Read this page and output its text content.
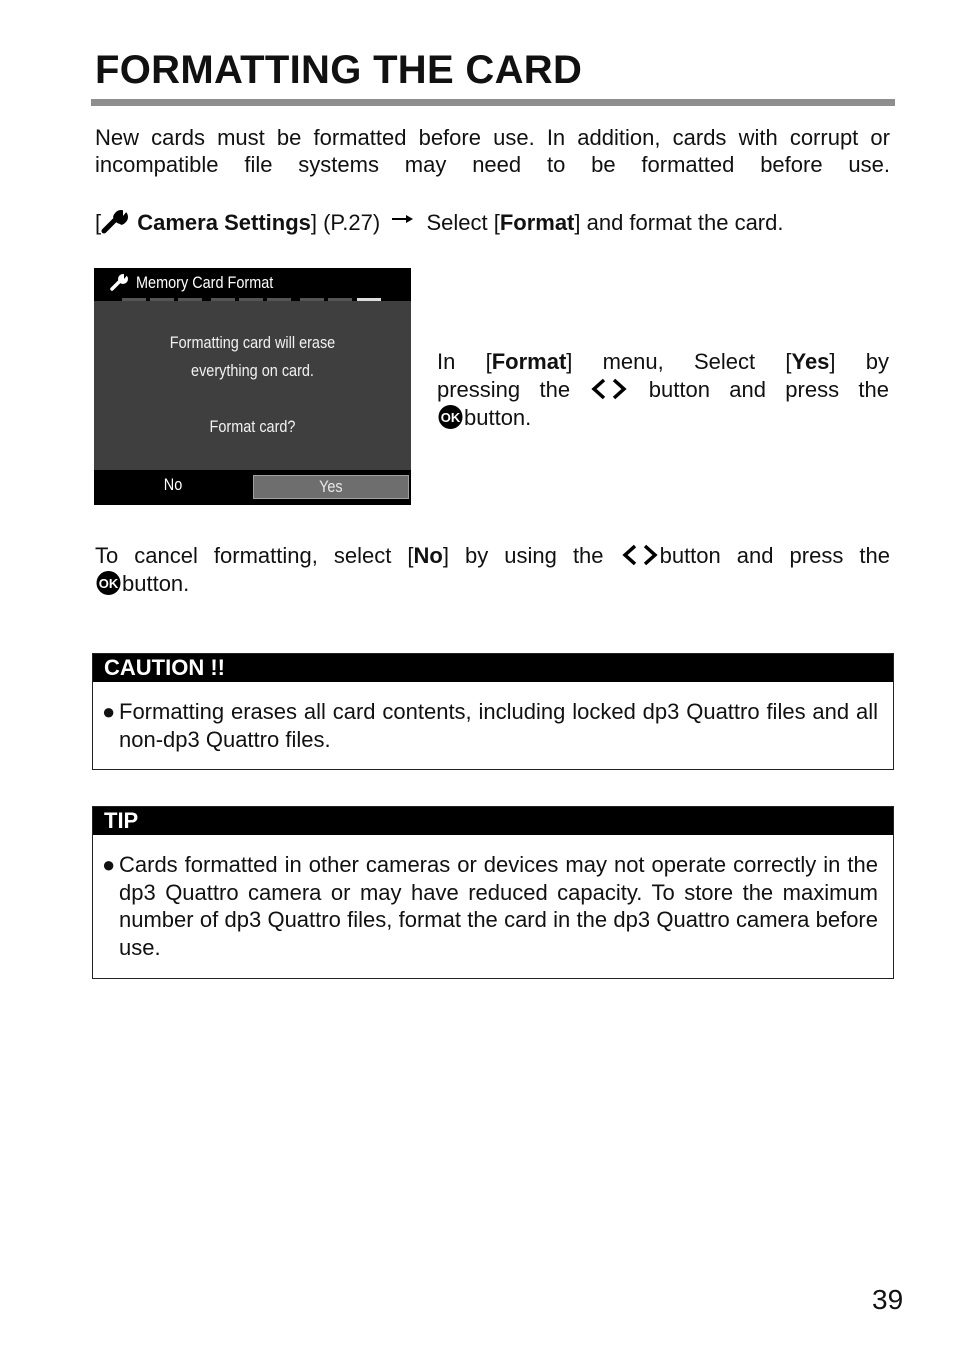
FORMATTING THE CARD

New cards must be formatted before use. In addition, cards with corrupt or incompatible file systems may need to be formatted before use.

[ Camera Settings] (P.27) Select [Format] and format the card.

Memory Card Format
Formatting card will erase
everything on card.
Format card?
No	Yes
In [Format] menu, Select [Yes] by
pressing the	button and press the
OK button.
To cancel formatting, select [No] by using the	button and press the
OK button.
CAUTION !!
● Formatting erases all card contents, including locked dp3 Quattro files and all non-dp3 Quattro files.
TIP
● Cards formatted in other cameras or devices may not operate correctly in the dp3 Quattro camera or may have reduced capacity. To store the maximum number of dp3 Quattro files, format the card in the dp3 Quattro camera before use.
39
